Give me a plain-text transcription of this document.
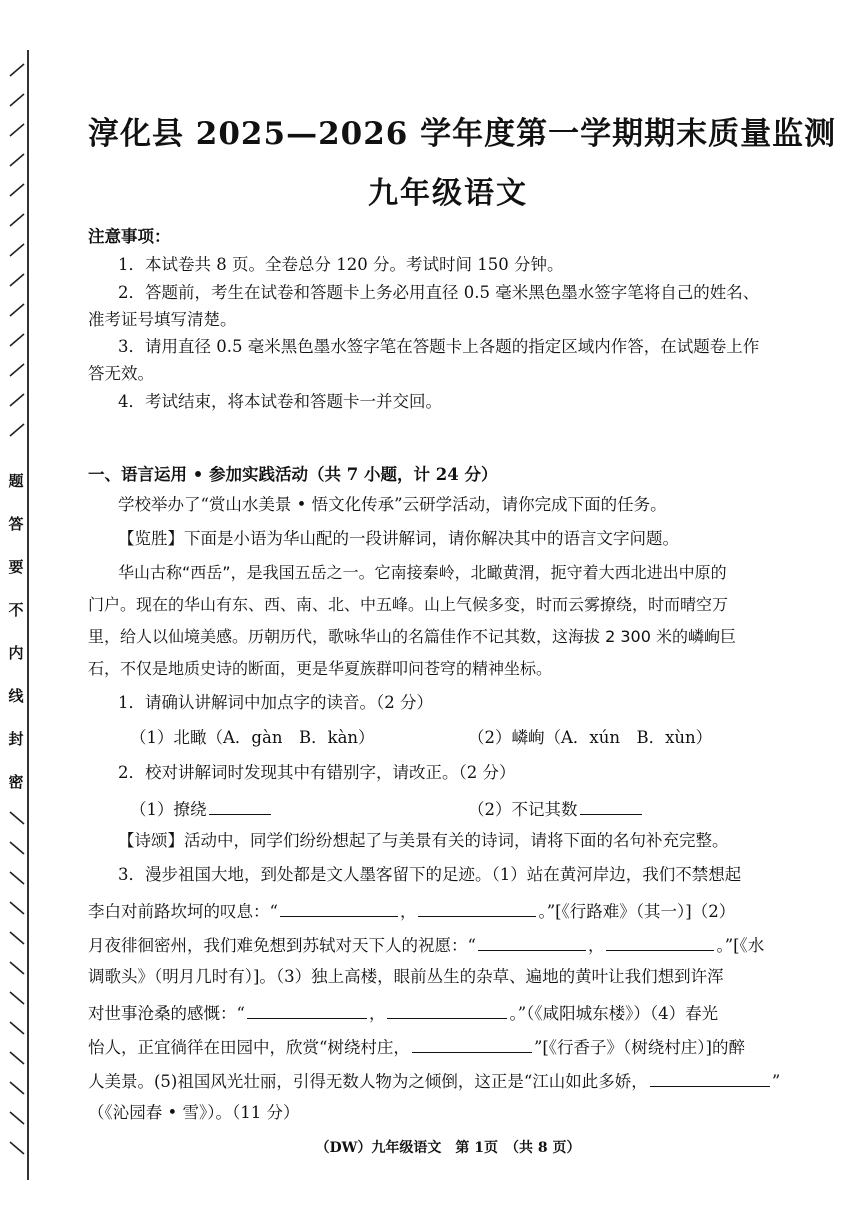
题
答
要
不
内
线
封
密
淳化县 2025—2026 学年度第一学期期末质量监测
九年级语文
注意事项：
1．本试卷共 8 页。全卷总分 120 分。考试时间 150 分钟。
2．答题前，考生在试卷和答题卡上务必用直径 0.5 毫米黑色墨水签字笔将自己的姓名、
准考证号填写清楚。
3．请用直径 0.5 毫米黑色墨水签字笔在答题卡上各题的指定区域内作答，在试题卷上作
答无效。
4．考试结束，将本试卷和答题卡一并交回。
一、语言运用 • 参加实践活动（共 7 小题，计 24 分）
学校举办了“赏山水美景 • 悟文化传承”云研学活动，请你完成下面的任务。
【览胜】下面是小语为华山配的一段讲解词，请你解决其中的语言文字问题。
华山古称“西岳”，是我国五岳之一。它南接秦岭，北瞰黄渭，扼守着大西北进出中原的
门户。现在的华山有东、西、南、北、中五峰。山上气候多变，时而云雾撩绕，时而晴空万
里，给人以仙境美感。历朝历代，歌咏华山的名篇佳作不记其数，这海拔 2 300 米的嶙峋巨
石，不仅是地质史诗的断面，更是华夏族群叩问苍穹的精神坐标。
1．请确认讲解词中加点字的读音。（2 分）
（1）北瞰（A．gàn　B．kàn）	（2）嶙峋（A．xún　B．xùn）
2．校对讲解词时发现其中有错别字，请改正。（2 分）
（1）撩绕	（2）不记其数
【诗颂】活动中，同学们纷纷想起了与美景有关的诗词，请将下面的名句补充完整。
3．漫步祖国大地，到处都是文人墨客留下的足迹。（1）站在黄河岸边，我们不禁想起
李白对前路坎坷的叹息：“	，	。”[《行路难》（其一）]（2）
月夜徘徊密州，我们难免想到苏轼对天下人的祝愿：“	，	。”[《水
调歌头》（明月几时有）]。（3）独上高楼，眼前丛生的杂草、遍地的黄叶让我们想到许浑
对世事沧桑的感慨：“	，	。”（《咸阳城东楼》）（4）春光
怡人，正宜徜徉在田园中，欣赏“树绕村庄，	”[《行香子》（树绕村庄）]的醉
人美景。(5)祖国风光壮丽，引得无数人物为之倾倒，这正是“江山如此多娇，	”
（《沁园春 • 雪》）。（11 分）
（DW）九年级语文　第 1页　（共 8 页）
